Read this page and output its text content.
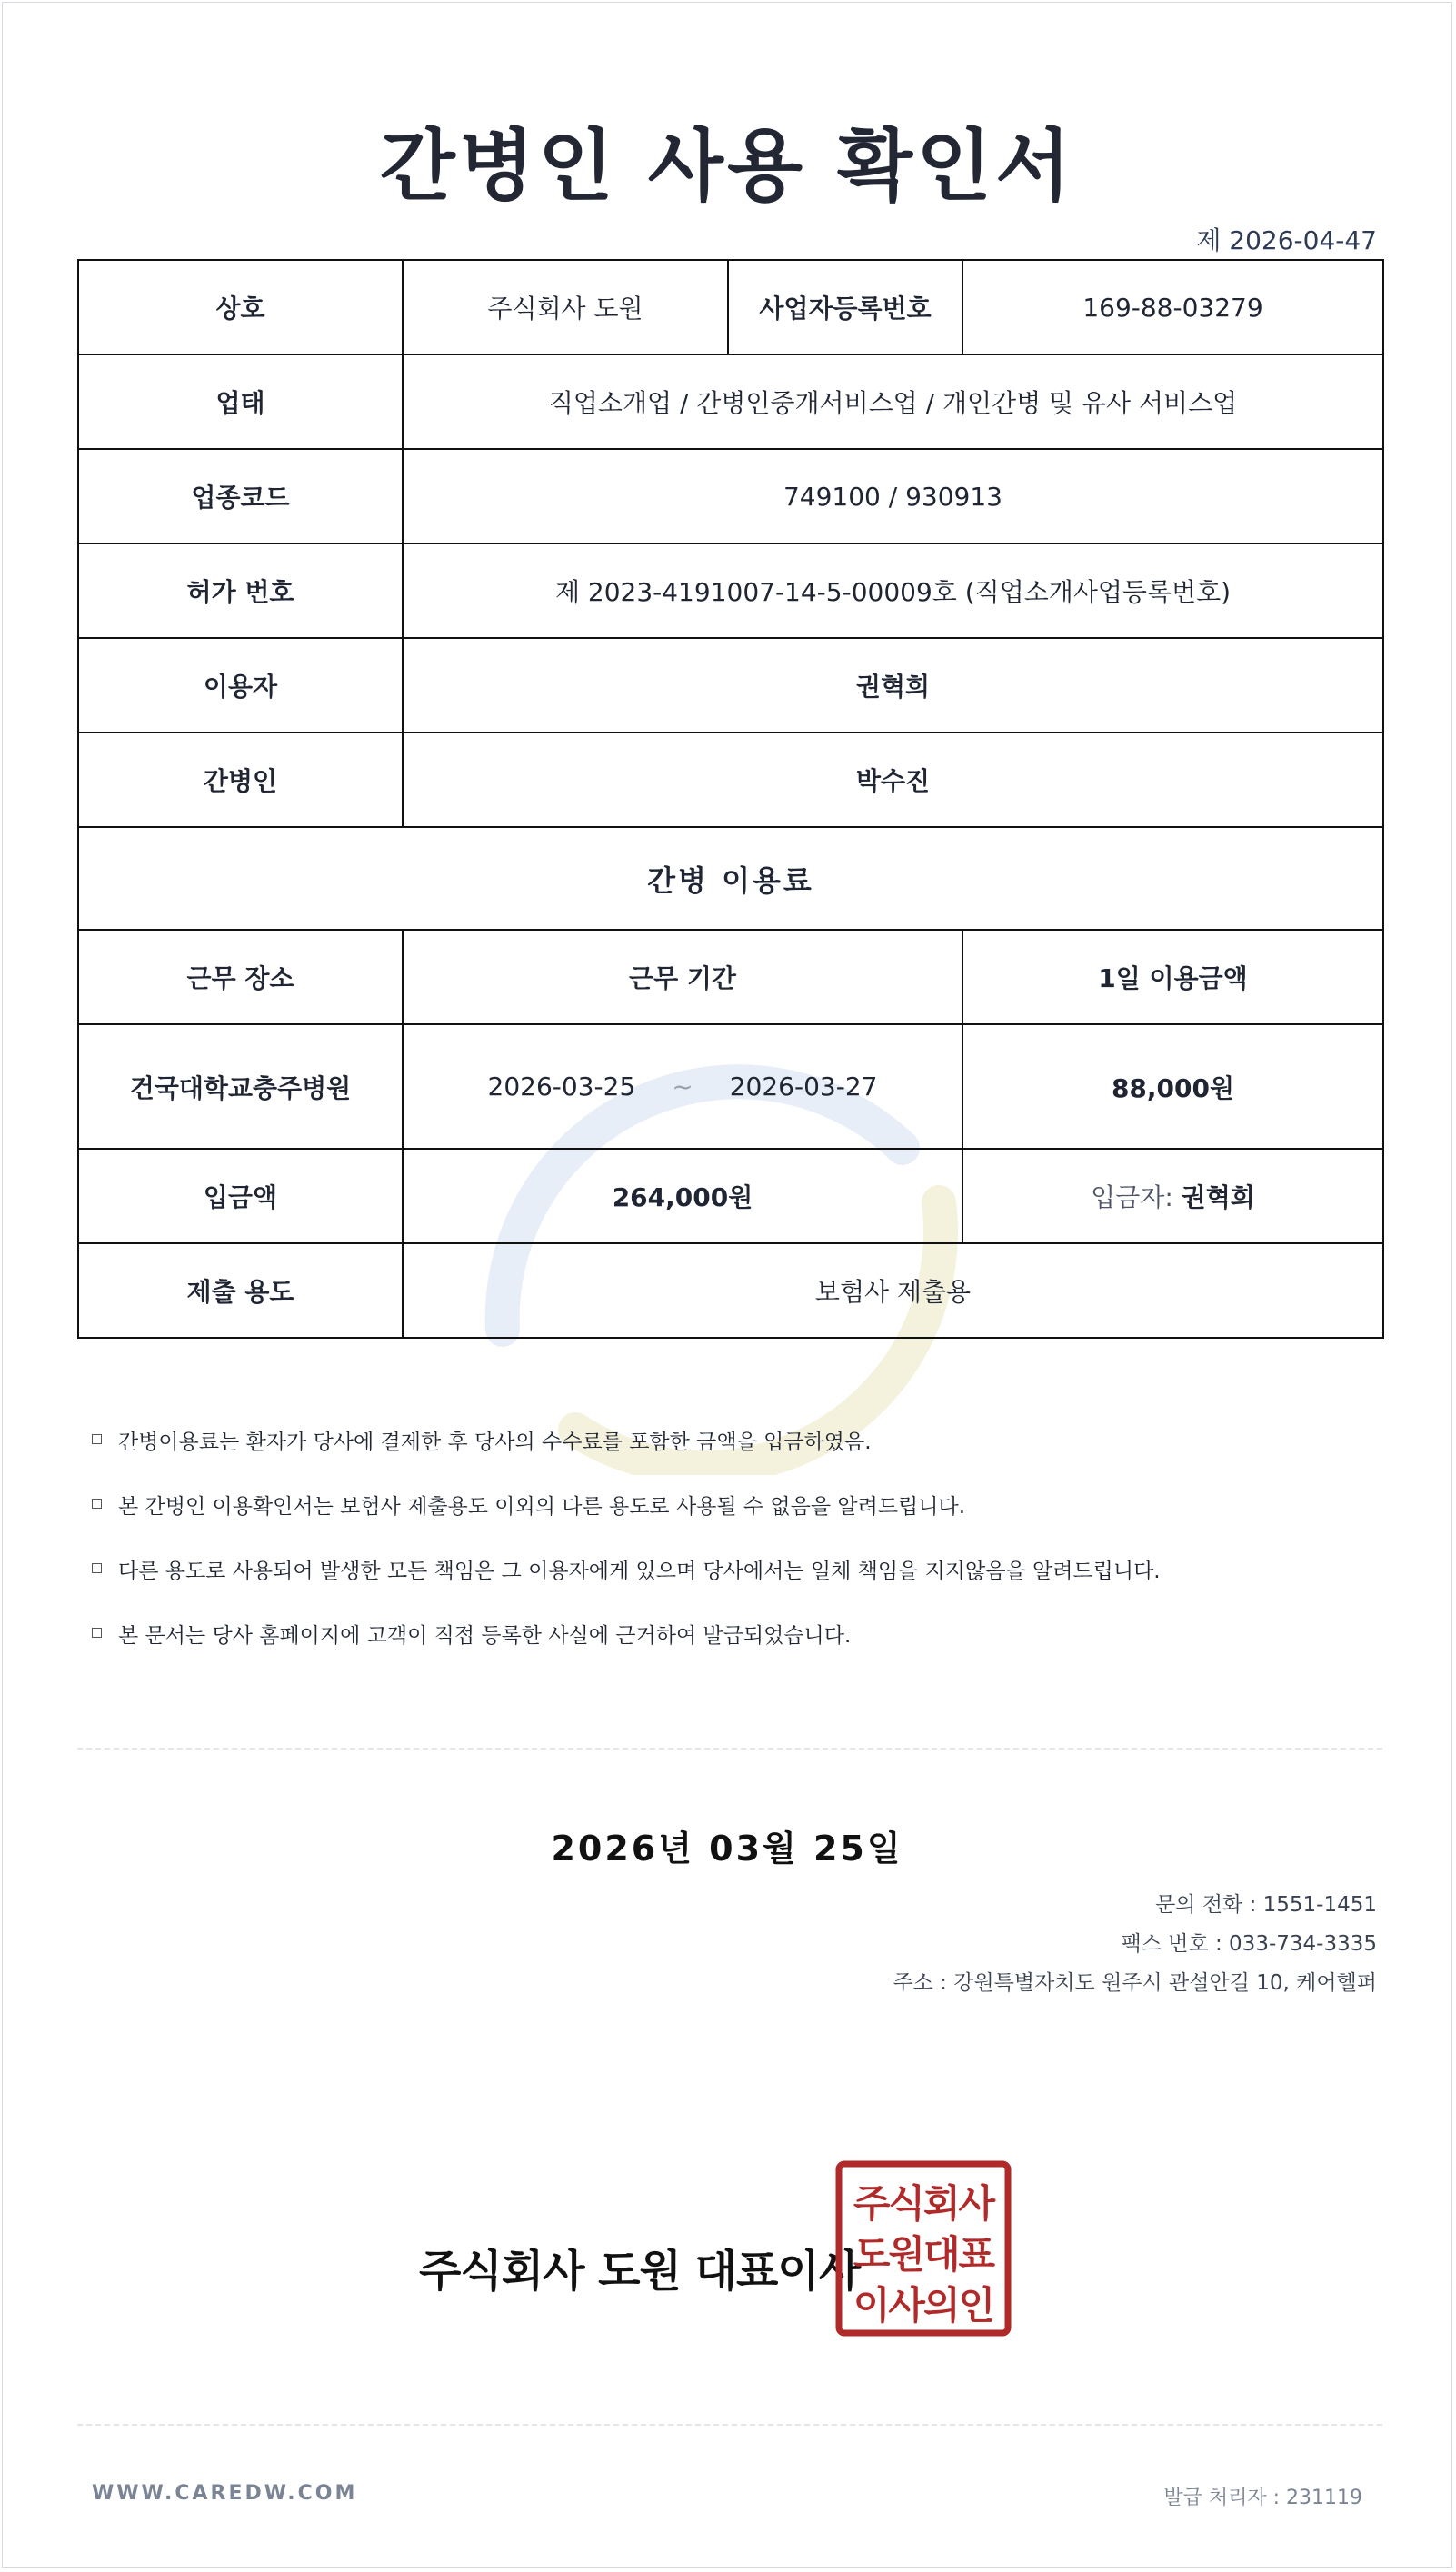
간병인 사용 확인서
제 2026-04-47
상호	주식회사 도원	사업자등록번호	169-88-03279
업태	직업소개업 / 간병인중개서비스업 / 개인간병 및 유사 서비스업		
업종코드	749100 / 930913		
허가 번호	제 2023-4191007-14-5-00009호 (직업소개사업등록번호)		
이용자	권혁희		
간병인	박수진		
간병 이용료			
근무 장소	근무 기간		1일 이용금액
건국대학교충주병원	2026-03-25 ~ 2026-03-27		88,000원
입금액	264,000원		입금자: 권혁희
제출 용도	보험사 제출용		
간병이용료는 환자가 당사에 결제한 후 당사의 수수료를 포함한 금액을 입금하였음.
본 간병인 이용확인서는 보험사 제출용도 이외의 다른 용도로 사용될 수 없음을 알려드립니다.
다른 용도로 사용되어 발생한 모든 책임은 그 이용자에게 있으며 당사에서는 일체 책임을 지지않음을 알려드립니다.
본 문서는 당사 홈페이지에 고객이 직접 등록한 사실에 근거하여 발급되었습니다.
2026년 03월 25일
문의 전화 : 1551-1451
팩스 번호 : 033-734-3335
주소 : 강원특별자치도 원주시 관설안길 10, 케어헬퍼
주식회사 도원 대표이사
주식회사
도원대표
이사의인
WWW.CAREDW.COM	발급 처리자 : 231119
